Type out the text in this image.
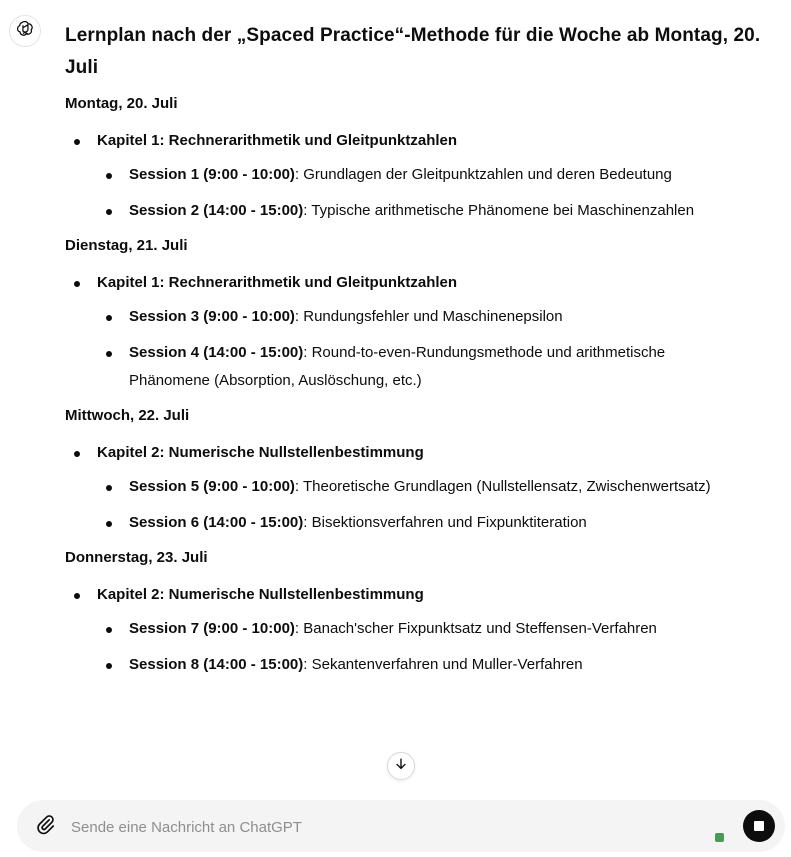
Lernplan nach der „Spaced Practice“-Methode für die Woche ab Montag, 20. Juli

Montag, 20. Juli

Kapitel 1: Rechnerarithmetik und Gleitpunktzahlen
Session 1 (9:00 - 10:00): Grundlagen der Gleitpunktzahlen und deren Bedeutung
Session 2 (14:00 - 15:00): Typische arithmetische Phänomene bei Maschinenzahlen

Dienstag, 21. Juli

Kapitel 1: Rechnerarithmetik und Gleitpunktzahlen
Session 3 (9:00 - 10:00): Rundungsfehler und Maschinenepsilon
Session 4 (14:00 - 15:00): Round-to-even-Rundungsmethode und arithmetische Phänomene (Absorption, Auslöschung, etc.)

Mittwoch, 22. Juli

Kapitel 2: Numerische Nullstellenbestimmung
Session 5 (9:00 - 10:00): Theoretische Grundlagen (Nullstellensatz, Zwischenwertsatz)
Session 6 (14:00 - 15:00): Bisektionsverfahren und Fixpunktiteration

Donnerstag, 23. Juli

Kapitel 2: Numerische Nullstellenbestimmung
Session 7 (9:00 - 10:00): Banach'scher Fixpunktsatz und Steffensen-Verfahren
Session 8 (14:00 - 15:00): Sekantenverfahren und Muller-Verfahren
Sende eine Nachricht an ChatGPT
